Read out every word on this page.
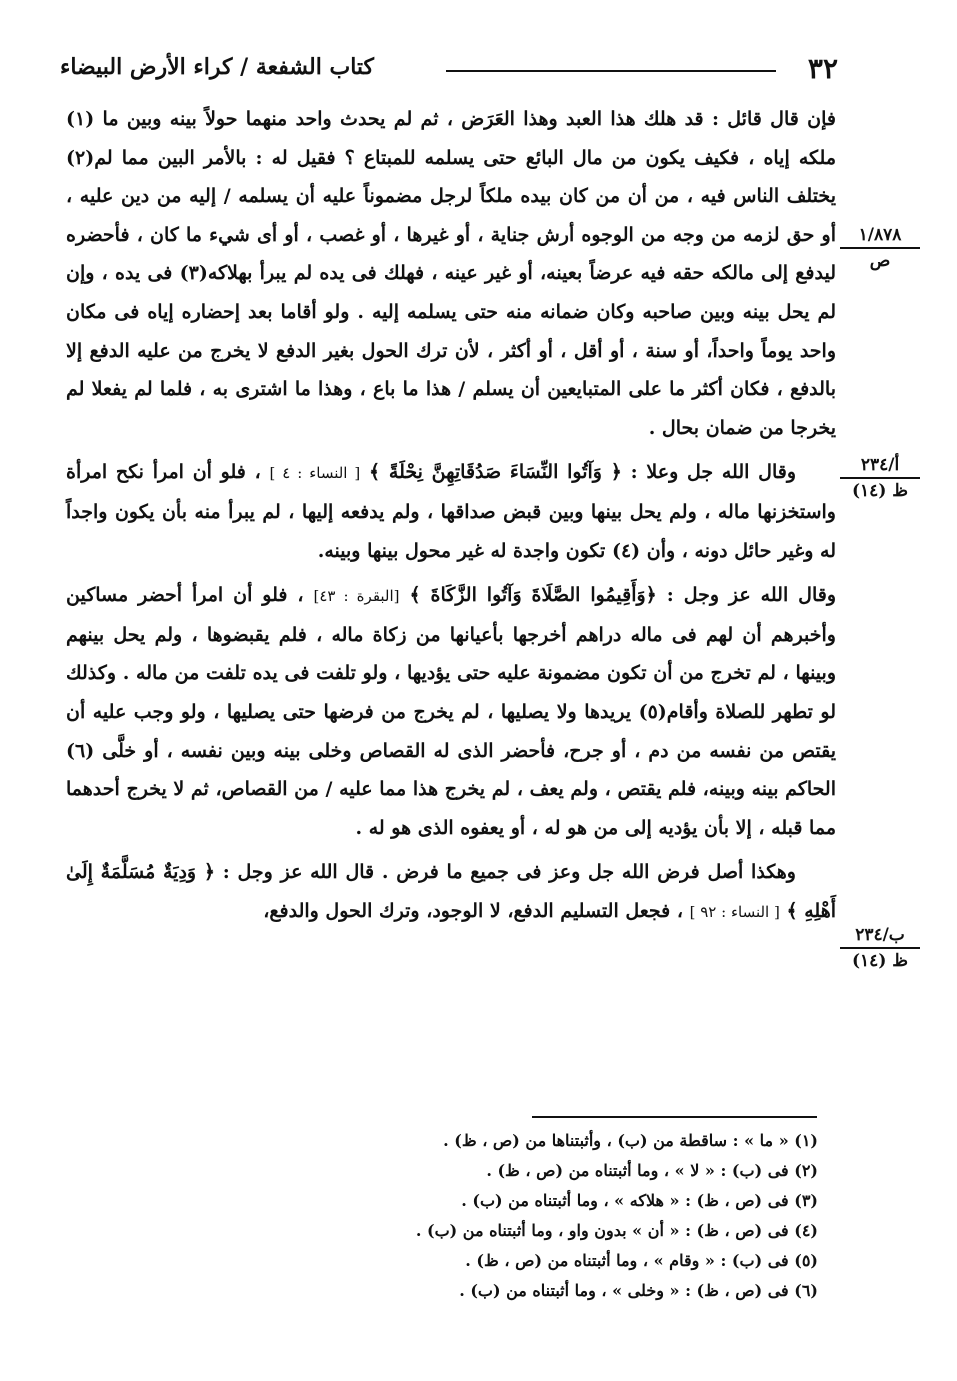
٣٢
كتاب الشفعة / كراء الأرض البيضاء
١/٨٧٨
ص
أ/٢٣٤
ظ (١٤)
ب/٢٣٤
ظ (١٤)

فإن قال قائل : قد هلك هذا العبد وهذا العَرَض ، ثم لم يحدث واحد منهما حولاً بينه وبين ما (١) ملكه إياه ، فكيف يكون من مال البائع حتى يسلمه للمبتاع ؟ فقيل له : بالأمر البين مما لم(٢) يختلف الناس فيه ، من أن من كان بيده ملكاً لرجل مضموناً عليه أن يسلمه / إليه من دين عليه ، أو حق لزمه من وجه من الوجوه أرش جناية ، أو غيرها ، أو غصب ، أو أى شيء ما كان ، فأحضره ليدفع إلى مالكه حقه فيه عرضاً بعينه، أو غير عينه ، فهلك فى يده لم يبرأ بهلاكه(٣) فى يده ، وإن لم يحل بينه وبين صاحبه وكان ضمانه منه حتى يسلمه إليه . ولو أقاما بعد إحضاره إياه فى مكان واحد يوماً واحداً، أو سنة ، أو أقل ، أو أكثر ، لأن ترك الحول بغير الدفع لا يخرج من عليه الدفع إلا بالدفع ، فكان أكثر ما على المتبايعين أن يسلم / هذا ما باع ، وهذا ما اشترى به ، فلما لم يفعلا لم يخرجا من ضمان بحال .

وقال الله جل وعلا : ﴿ وَآتُوا النِّسَاءَ صَدُقَاتِهِنَّ نِحْلَةً ﴾ [ النساء : ٤ ] ، فلو أن امرأ نكح امرأة واستخزنها ماله ، ولم يحل بينها وبين قبض صداقها ، ولم يدفعه إليها ، لم يبرأ منه بأن يكون واجداً له وغير حائل دونه ، وأن (٤) تكون واجدة له غير محول بينها وبينه.

وقال الله عز وجل : ﴿وَأَقِيمُوا الصَّلَاةَ وَآتُوا الزَّكَاةَ ﴾ [البقرة : ٤٣] ، فلو أن امرأ أحضر مساكين وأخبرهم أن لهم فى ماله دراهم أخرجها بأعيانها من زكاة ماله ، فلم يقبضوها ، ولم يحل بينهم وبينها ، لم تخرج من أن تكون مضمونة عليه حتى يؤديها ، ولو تلفت فى يده تلفت من ماله . وكذلك لو تطهر للصلاة وأقام(٥) يريدها ولا يصليها ، لم يخرج من فرضها حتى يصليها ، ولو وجب عليه أن يقتص من نفسه من دم ، أو جرح، فأحضر الذى له القصاص وخلى بينه وبين نفسه ، أو خلَّى (٦) الحاكم بينه وبينه، فلم يقتص ، ولم يعف ، لم يخرج هذا مما عليه / من القصاص، ثم لا يخرج أحدهما مما قبله ، إلا بأن يؤديه إلى من هو له ، أو يعفوه الذى هو له .

وهكذا أصل فرض الله جل وعز فى جميع ما فرض . قال الله عز وجل : ﴿ وَدِيَةٌ مُسَلَّمَةٌ إِلَىٰ أَهْلِهِ ﴾ [ النساء : ٩٢ ] ، فجعل التسليم الدفع، لا الوجود، وترك الحول والدفع،

(١) « ما » : ساقطة من (ب) ، وأثبتناها من (ص ، ظ) .
(٢) فى (ب) : « لا » ، وما أثبتناه من (ص ، ظ) .
(٣) فى (ص ، ظ) : « هلاكه » ، وما أثبتناه من (ب) .
(٤) فى (ص ، ظ) : « أن » بدون واو ، وما أثبتناه من (ب) .
(٥) فى (ب) : « وقام » ، وما أثبتناه من (ص ، ظ) .
(٦) فى (ص ، ظ) : « وخلى » ، وما أثبتناه من (ب) .
